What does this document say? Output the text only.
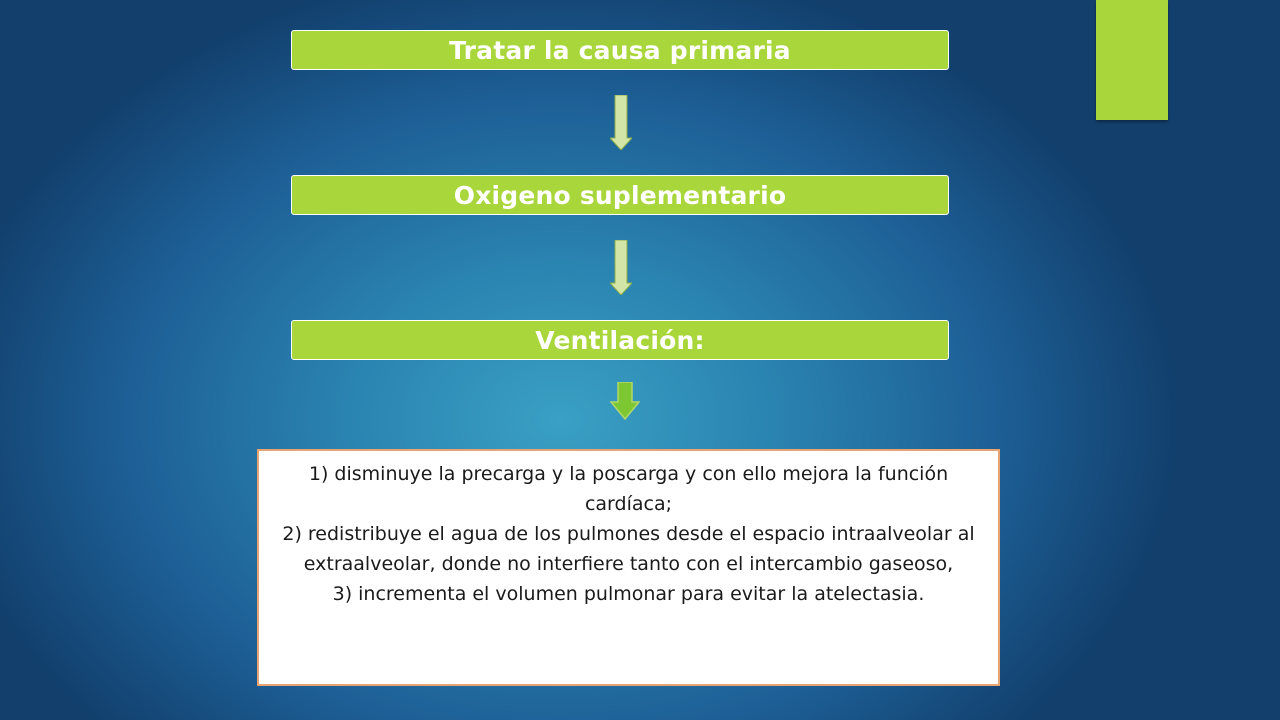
Tratar la causa primaria
Oxigeno suplementario
Ventilación:

1) disminuye la precarga y la poscarga y con ello mejora la función cardíaca;

2) redistribuye el agua de los pulmones desde el espacio intraalveolar al extraalveolar, donde no interfiere tanto con el intercambio gaseoso,

3) incrementa el volumen pulmonar para evitar la atelectasia.
